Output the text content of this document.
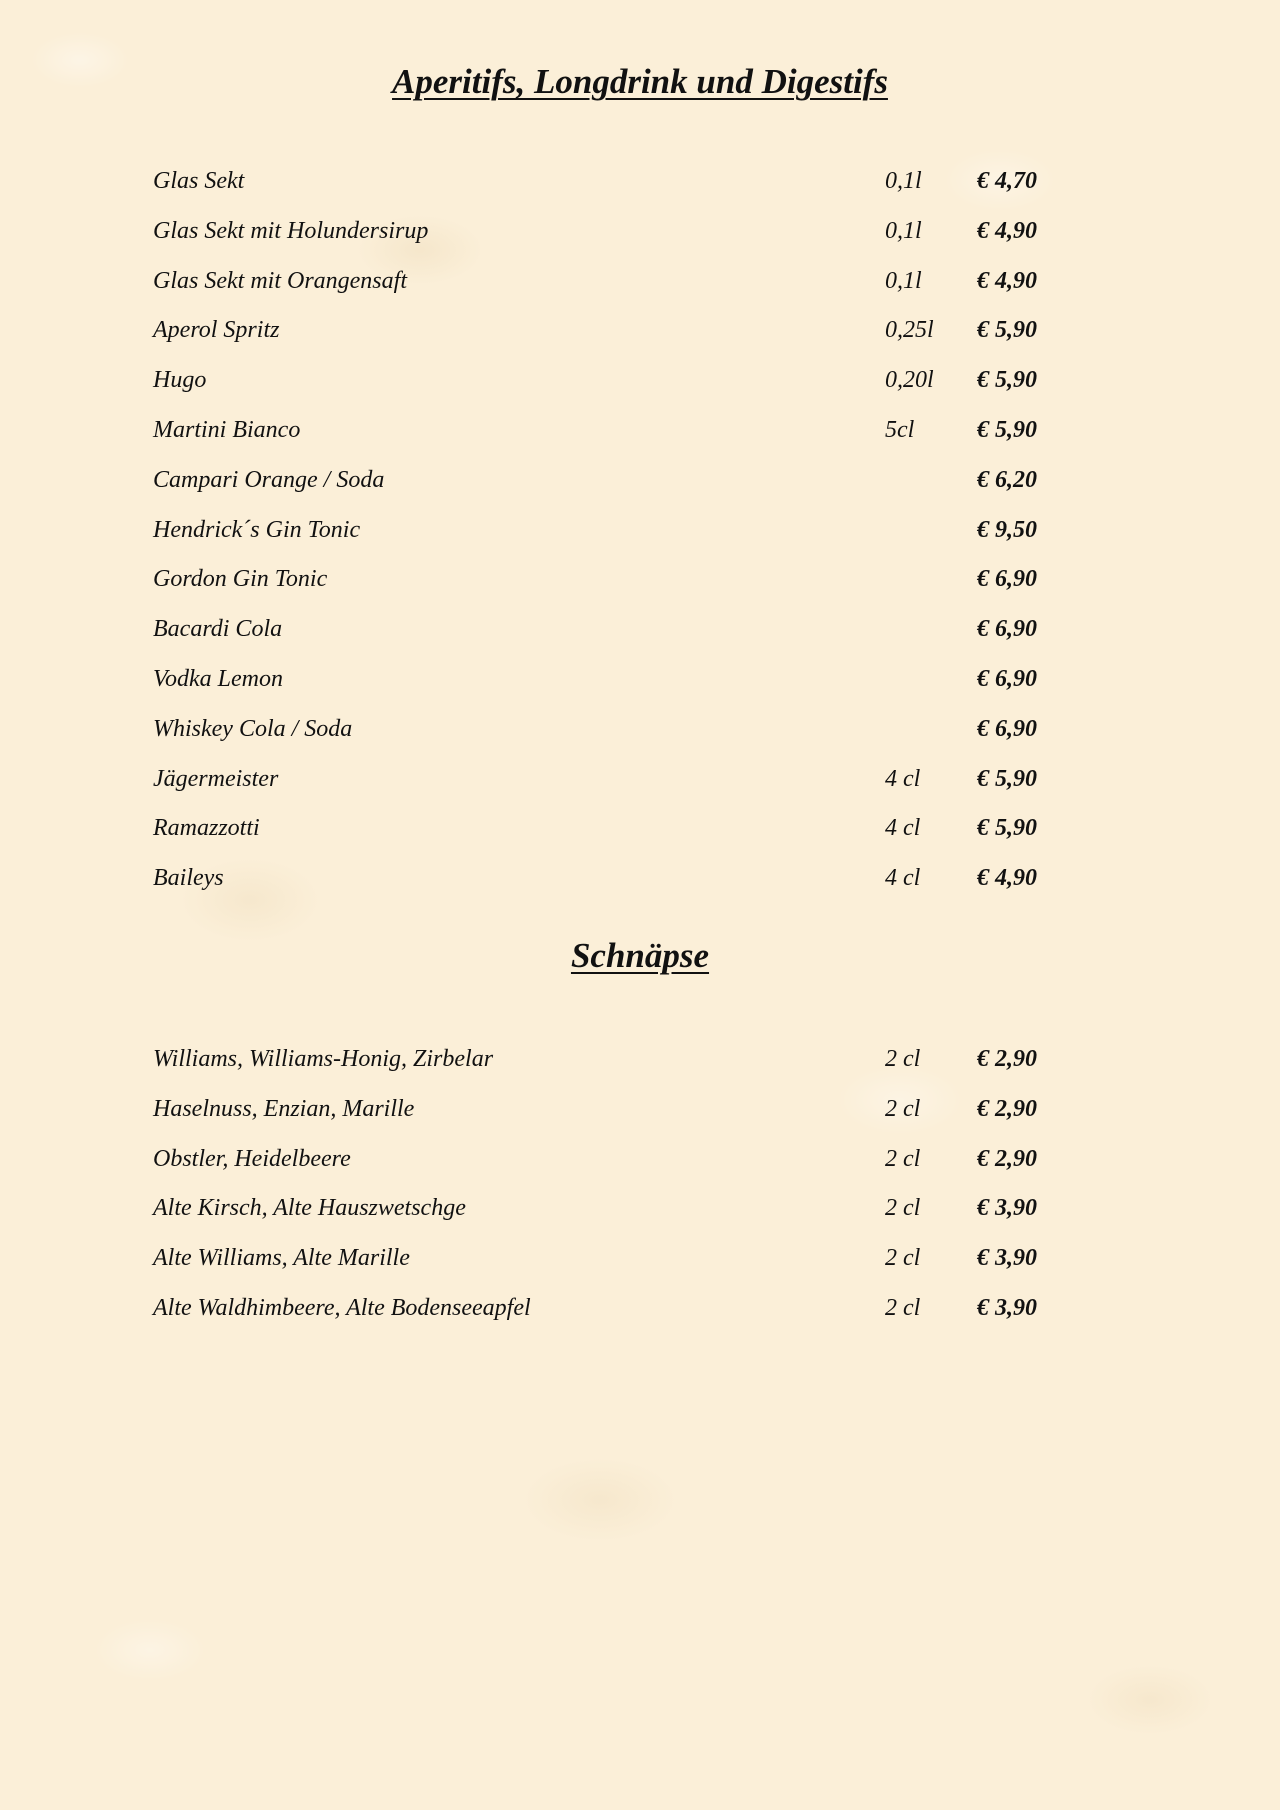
Aperitifs, Longdrink und Digestifs
Glas Sekt	0,1l € 4,70
Glas Sekt mit Holundersirup	0,1l € 4,90
Glas Sekt mit Orangensaft	0,1l € 4,90
Aperol Spritz	0,25l € 5,90
Hugo	0,20l € 5,90
Martini Bianco	5cl	€ 5,90
Campari Orange / Soda	€ 6,20
Hendrick´s Gin Tonic	€ 9,50
Gordon Gin Tonic	€ 6,90
Bacardi Cola	€ 6,90
Vodka Lemon	€ 6,90
Whiskey Cola / Soda	€ 6,90
Jägermeister	4 cl € 5,90
Ramazzotti	4 cl € 5,90
Baileys	4 cl € 4,90
Schnäpse
Williams, Williams-Honig, Zirbelar	2 cl € 2,90
Haselnuss, Enzian, Marille	2 cl € 2,90
Obstler, Heidelbeere	2 cl € 2,90
Alte Kirsch, Alte Hauszwetschge	2 cl € 3,90
Alte Williams, Alte Marille	2 cl € 3,90
Alte Waldhimbeere, Alte Bodenseeapfel	2 cl € 3,90
